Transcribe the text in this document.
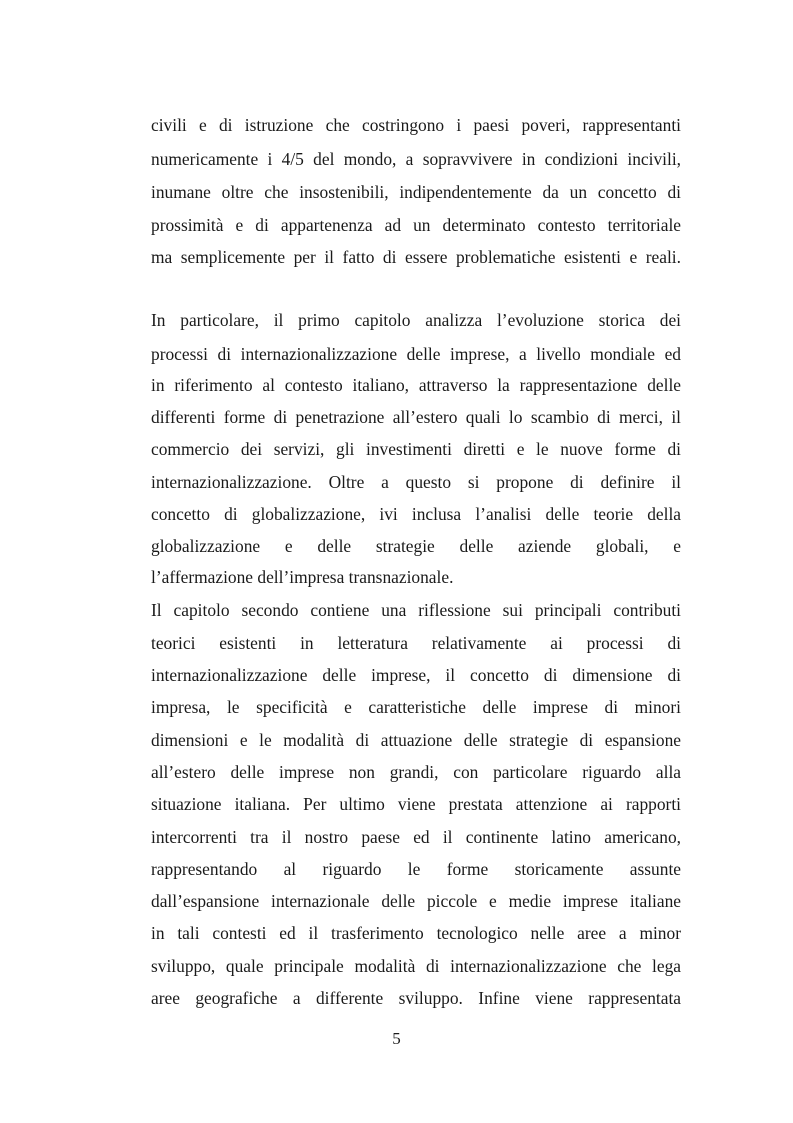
civili e di istruzione che costringono i paesi poveri, rappresentanti
numericamente i 4/5 del mondo, a sopravvivere in condizioni incivili,
inumane oltre che insostenibili, indipendentemente da un concetto di
prossimità e di appartenenza ad un determinato contesto territoriale
ma semplicemente per il fatto di essere problematiche esistenti e reali.
In particolare, il primo capitolo analizza l’evoluzione storica dei
processi di internazionalizzazione delle imprese, a livello mondiale ed
in riferimento al contesto italiano, attraverso la rappresentazione delle
differenti forme di penetrazione all’estero quali lo scambio di merci, il
commercio dei servizi, gli investimenti diretti e le nuove forme di
internazionalizzazione. Oltre a questo si propone di definire il
concetto di globalizzazione, ivi inclusa l’analisi delle teorie della
globalizzazione e delle strategie delle aziende globali, e
l’affermazione dell’impresa transnazionale.
Il capitolo secondo contiene una riflessione sui principali contributi
teorici esistenti in letteratura relativamente ai processi di
internazionalizzazione delle imprese, il concetto di dimensione di
impresa, le specificità e caratteristiche delle imprese di minori
dimensioni e le modalità di attuazione delle strategie di espansione
all’estero delle imprese non grandi, con particolare riguardo alla
situazione italiana. Per ultimo viene prestata attenzione ai rapporti
intercorrenti tra il nostro paese ed il continente latino americano,
rappresentando al riguardo le forme storicamente assunte
dall’espansione internazionale delle piccole e medie imprese italiane
in tali contesti ed il trasferimento tecnologico nelle aree a minor
sviluppo, quale principale modalità di internazionalizzazione che lega
aree geografiche a differente sviluppo. Infine viene rappresentata
5
